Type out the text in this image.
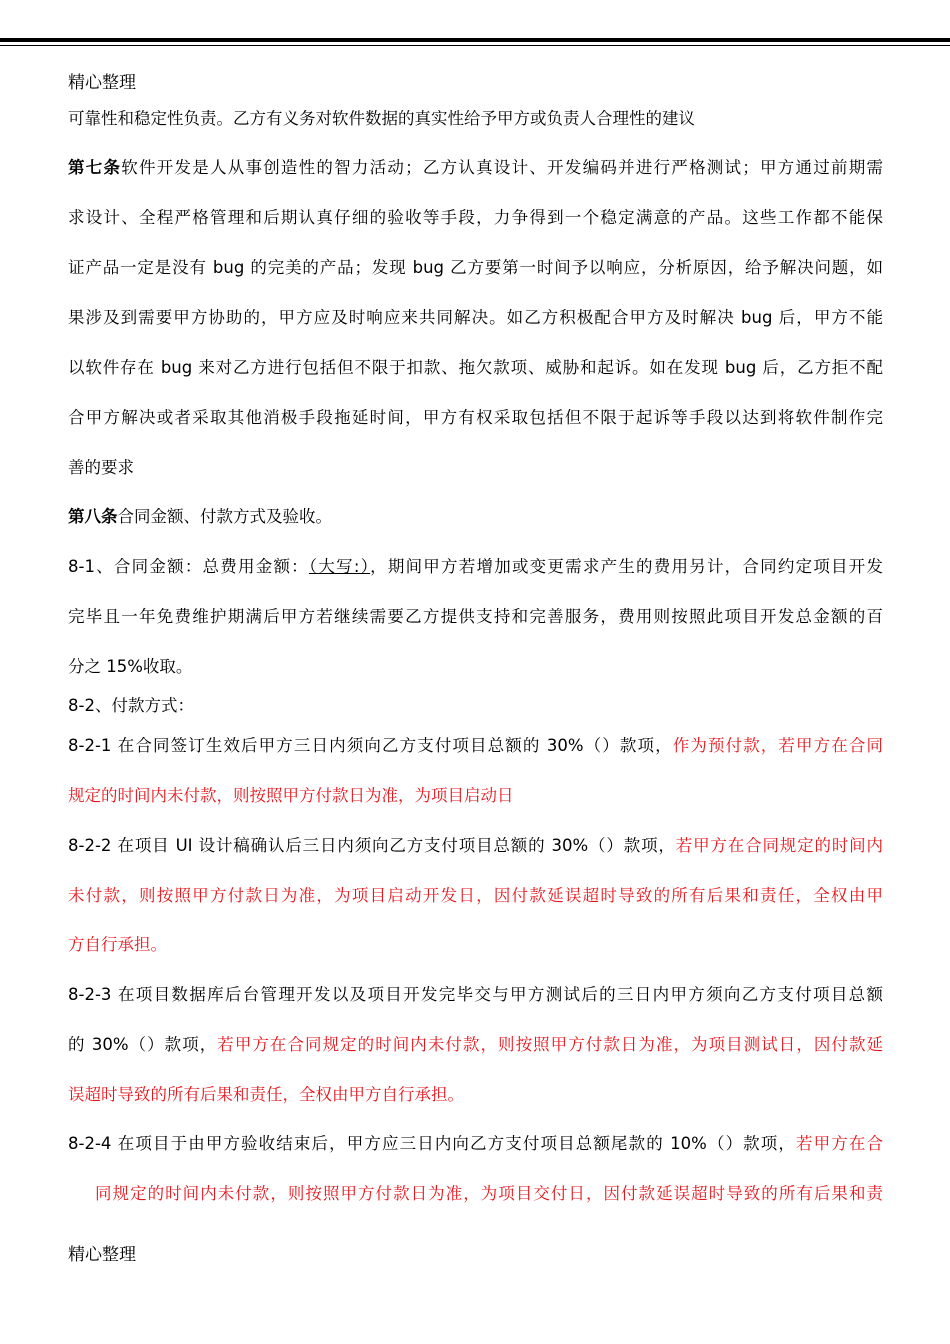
精心整理
可靠性和稳定性负责。乙方有义务对软件数据的真实性给予甲方或负责人合理性的建议
第七条软件开发是人从事创造性的智力活动；乙方认真设计、开发编码并进行严格测试；甲方通过前期需
求设计、全程严格管理和后期认真仔细的验收等手段，力争得到一个稳定满意的产品。这些工作都不能保
证产品一定是没有 bug 的完美的产品；发现 bug 乙方要第一时间予以响应，分析原因，给予解决问题，如
果涉及到需要甲方协助的，甲方应及时响应来共同解决。如乙方积极配合甲方及时解决 bug 后，甲方不能
以软件存在 bug 来对乙方进行包括但不限于扣款、拖欠款项、威胁和起诉。如在发现 bug 后，乙方拒不配
合甲方解决或者采取其他消极手段拖延时间，甲方有权采取包括但不限于起诉等手段以达到将软件制作完
善的要求
第八条合同金额、付款方式及验收。
8-1、合同金额：总费用金额：（大写:），期间甲方若增加或变更需求产生的费用另计，合同约定项目开发
完毕且一年免费维护期满后甲方若继续需要乙方提供支持和完善服务，费用则按照此项目开发总金额的百
分之 15%收取。
8-2、付款方式：
8-2-1 在合同签订生效后甲方三日内须向乙方支付项目总额的 30%（）款项，作为预付款，若甲方在合同
规定的时间内未付款，则按照甲方付款日为准，为项目启动日
8-2-2 在项目 UI 设计稿确认后三日内须向乙方支付项目总额的 30%（）款项，若甲方在合同规定的时间内
未付款，则按照甲方付款日为准，为项目启动开发日，因付款延误超时导致的所有后果和责任，全权由甲
方自行承担。
8-2-3 在项目数据库后台管理开发以及项目开发完毕交与甲方测试后的三日内甲方须向乙方支付项目总额
的 30%（）款项，若甲方在合同规定的时间内未付款，则按照甲方付款日为准，为项目测试日，因付款延
误超时导致的所有后果和责任，全权由甲方自行承担。
8-2-4 在项目于由甲方验收结束后，甲方应三日内向乙方支付项目总额尾款的 10%（）款项，若甲方在合
同规定的时间内未付款，则按照甲方付款日为准，为项目交付日，因付款延误超时导致的所有后果和责
精心整理
